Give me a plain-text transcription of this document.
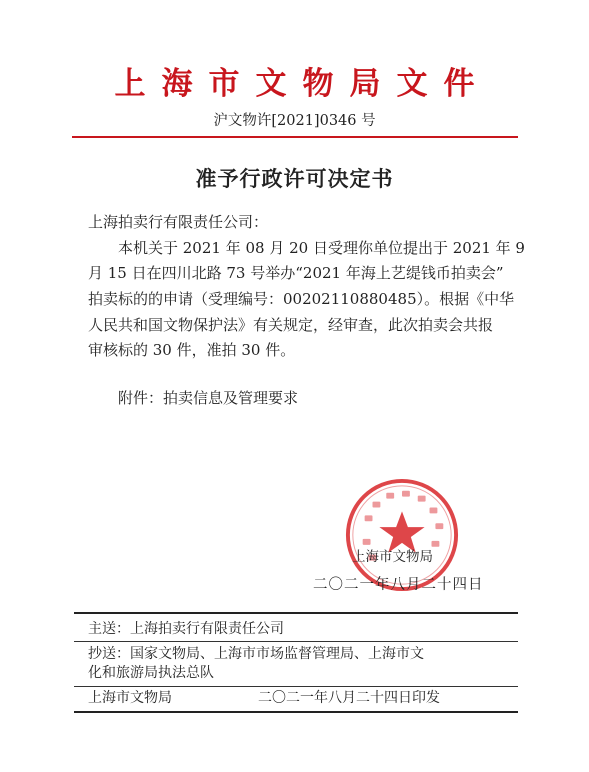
上海市文物局文件
沪文物许[2021]0346 号
准予行政许可决定书
上海拍卖行有限责任公司：
本机关于 2021 年 08 月 20 日受理你单位提出于 2021 年 9
月 15 日在四川北路 73 号举办“2021 年海上艺缇钱币拍卖会”
拍卖标的的申请（受理编号：00202110880485）。根据《中华
人民共和国文物保护法》有关规定，经审查，此次拍卖会共报
审核标的 30 件，准拍 30 件。
附件：拍卖信息及管理要求
上海市文物局
二〇二一年八月二十四日
主送：上海拍卖行有限责任公司
抄送：国家文物局、上海市市场监督管理局、上海市文
化和旅游局执法总队
上海市文物局	二〇二一年八月二十四日印发
